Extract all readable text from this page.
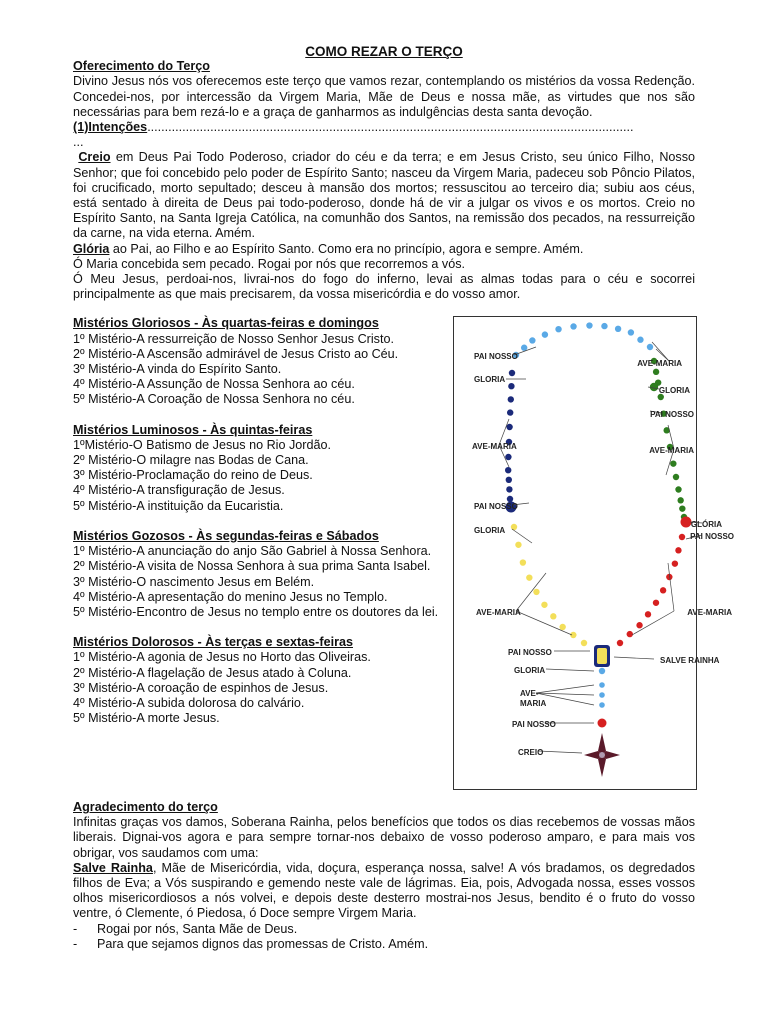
COMO REZAR O TERÇO
Oferecimento do Terço

Divino Jesus nós vos oferecemos este terço que vamos rezar, contemplando os mistérios da vossa Redenção. Concedei-nos, por intercessão da Virgem Maria, Mãe de Deus e nossa mãe, as virtudes que nos são necessárias para bem rezá-lo e a graça de ganharmos as indulgências desta santa devoção.

(1)Intenções...........................................................................................................................................
...

Creio em Deus Pai Todo Poderoso, criador do céu e da terra; e em Jesus Cristo, seu único Filho, Nosso Senhor; que foi concebido pelo poder de Espírito Santo; nasceu da Virgem Maria, padeceu sob Pôncio Pilatos, foi crucificado, morto sepultado; desceu à mansão dos mortos; ressuscitou ao terceiro dia; subiu aos céus, está sentado à direita de Deus pai todo-poderoso, donde há de vir a julgar os vivos e os mortos. Creio no Espírito Santo, na Santa Igreja Católica, na comunhão dos Santos, na remissão dos pecados, na ressurreição da carne, na vida eterna. Amém.

Glória ao Pai, ao Filho e ao Espírito Santo. Como era no princípio, agora e sempre. Amém.

Ó Maria concebida sem pecado. Rogai por nós que recorremos a vós.

Ó Meu Jesus, perdoai-nos, livrai-nos do fogo do inferno, levai as almas todas para o céu e socorrei principalmente as que mais precisarem, da vossa misericórdia e do vosso amor.

Mistérios Gloriosos - Às quartas-feiras e domingos
1º Mistério-A ressurreição de Nosso Senhor Jesus Cristo.
2º Mistério-A Ascensão admirável de Jesus Cristo ao Céu.
3º Mistério-A vinda do Espírito Santo.
4º Mistério-A Assunção de Nossa Senhora ao céu.
5º Mistério-A Coroação de Nossa Senhora no céu.
Mistérios Luminosos - Às quintas-feiras
1ºMistério-O Batismo de Jesus no Rio Jordão.
2º Mistério-O milagre nas Bodas de Cana.
3º Mistério-Proclamação do reino de Deus.
4º Mistério-A transfiguração de Jesus.
5º Mistério-A instituição da Eucaristia.
Mistérios Gozosos - Às segundas-feiras e Sábados
1º Mistério-A anunciação do anjo São Gabriel à Nossa Senhora.
2º Mistério-A visita de Nossa Senhora à sua prima Santa Isabel.
3º Mistério-O nascimento Jesus em Belém.
4º Mistério-A apresentação do menino Jesus no Templo.
5º Mistério-Encontro de Jesus no templo entre os doutores da lei.
Mistérios Dolorosos - Às terças e sextas-feiras
1º Mistério-A agonia de Jesus no Horto das Oliveiras.
2º Mistério-A flagelação de Jesus atado à Coluna.
3º Mistério-A coroação de espinhos de Jesus.
4º Mistério-A subida dolorosa do calvário.
5º Mistério-A morte Jesus.
PAI NOSSO
GLORIA
AVE-MARIA
GLORIA
PAI NOSSO
AVE-MARIA	AVE-MARIA
PAI NOSSO
GLORIA
GLÓRIA
PAI NOSSO
AVE-MARIA	AVE-MARIA
PAI NOSSO
SALVE RAINHA
GLORIA
AVE-
MARIA
PAI NOSSO
CREIO
Agradecimento do terço

Infinitas graças vos damos, Soberana Rainha, pelos benefícios que todos os dias recebemos de vossas mãos liberais. Dignai-vos agora e para sempre tornar-nos debaixo de vosso poderoso amparo, e para mais vos obrigar, vos saudamos com uma:

Salve Rainha, Mãe de Misericórdia, vida, doçura, esperança nossa, salve! A vós bradamos, os degredados filhos de Eva; a Vós suspirando e gemendo neste vale de lágrimas. Eia, pois, Advogada nossa, esses vossos olhos misericordiosos a nós volvei, e depois deste desterro mostrai-nos Jesus, bendito é o fruto do vosso ventre, ó Clemente, ó Piedosa, ó Doce sempre Virgem Maria.

-	Rogai por nós, Santa Mãe de Deus.
-	Para que sejamos dignos das promessas de Cristo. Amém.
